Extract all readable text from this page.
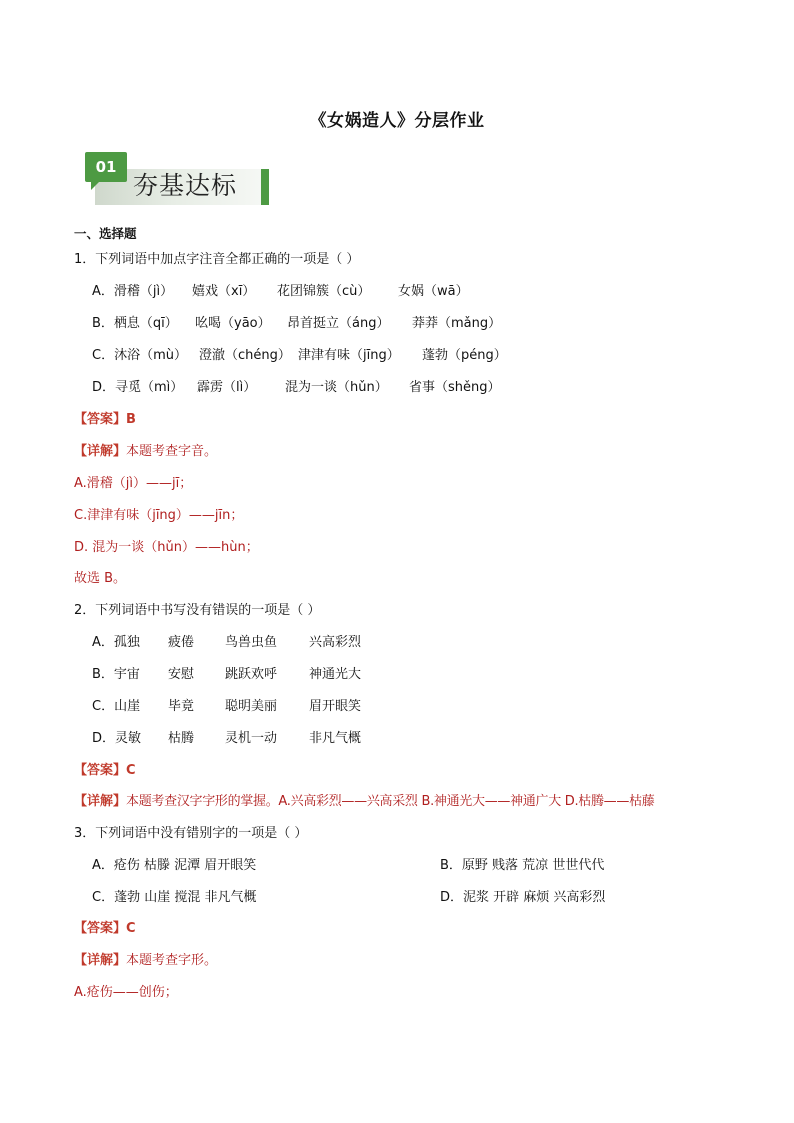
《女娲造人》分层作业
01
夯基达标
一、选择题
1．下列词语中加点字注音全都正确的一项是（ ）
A．滑稽（jì） 嬉戏（xī） 花团锦簇（cù） 女娲（wā）
B．栖息（qī） 吆喝（yāo） 昂首挺立（áng） 莽莽（mǎng）
C．沐浴（mù） 澄澈（chéng） 津津有味（jīng） 蓬勃（péng）
D．寻觅（mì） 霹雳（lì） 混为一谈（hǔn） 省事（shěng）
【答案】B
【详解】本题考查字音。
A.滑稽（jì）——jī；
C.津津有味（jīng）——jīn；
D. 混为一谈（hǔn）——hùn；
故选 B。
2．下列词语中书写没有错误的一项是（ ）
A．孤独 疲倦 鸟兽虫鱼 兴高彩烈
B．宇宙 安慰 跳跃欢呼 神通光大
C．山崖 毕竟 聪明美丽 眉开眼笑
D．灵敏 枯腾 灵机一动 非凡气概
【答案】C
【详解】本题考查汉字字形的掌握。A.兴高彩烈——兴高采烈 B.神通光大——神通广大 D.枯腾——枯藤
3．下列词语中没有错别字的一项是（ ）
A．疮伤 枯滕 泥潭 眉开眼笑	B．原野 贱落 荒凉 世世代代
C．蓬勃 山崖 搅混 非凡气概	D．泥浆 开辟 麻烦 兴高彩烈
【答案】C
【详解】本题考查字形。
A.疮伤——创伤；
